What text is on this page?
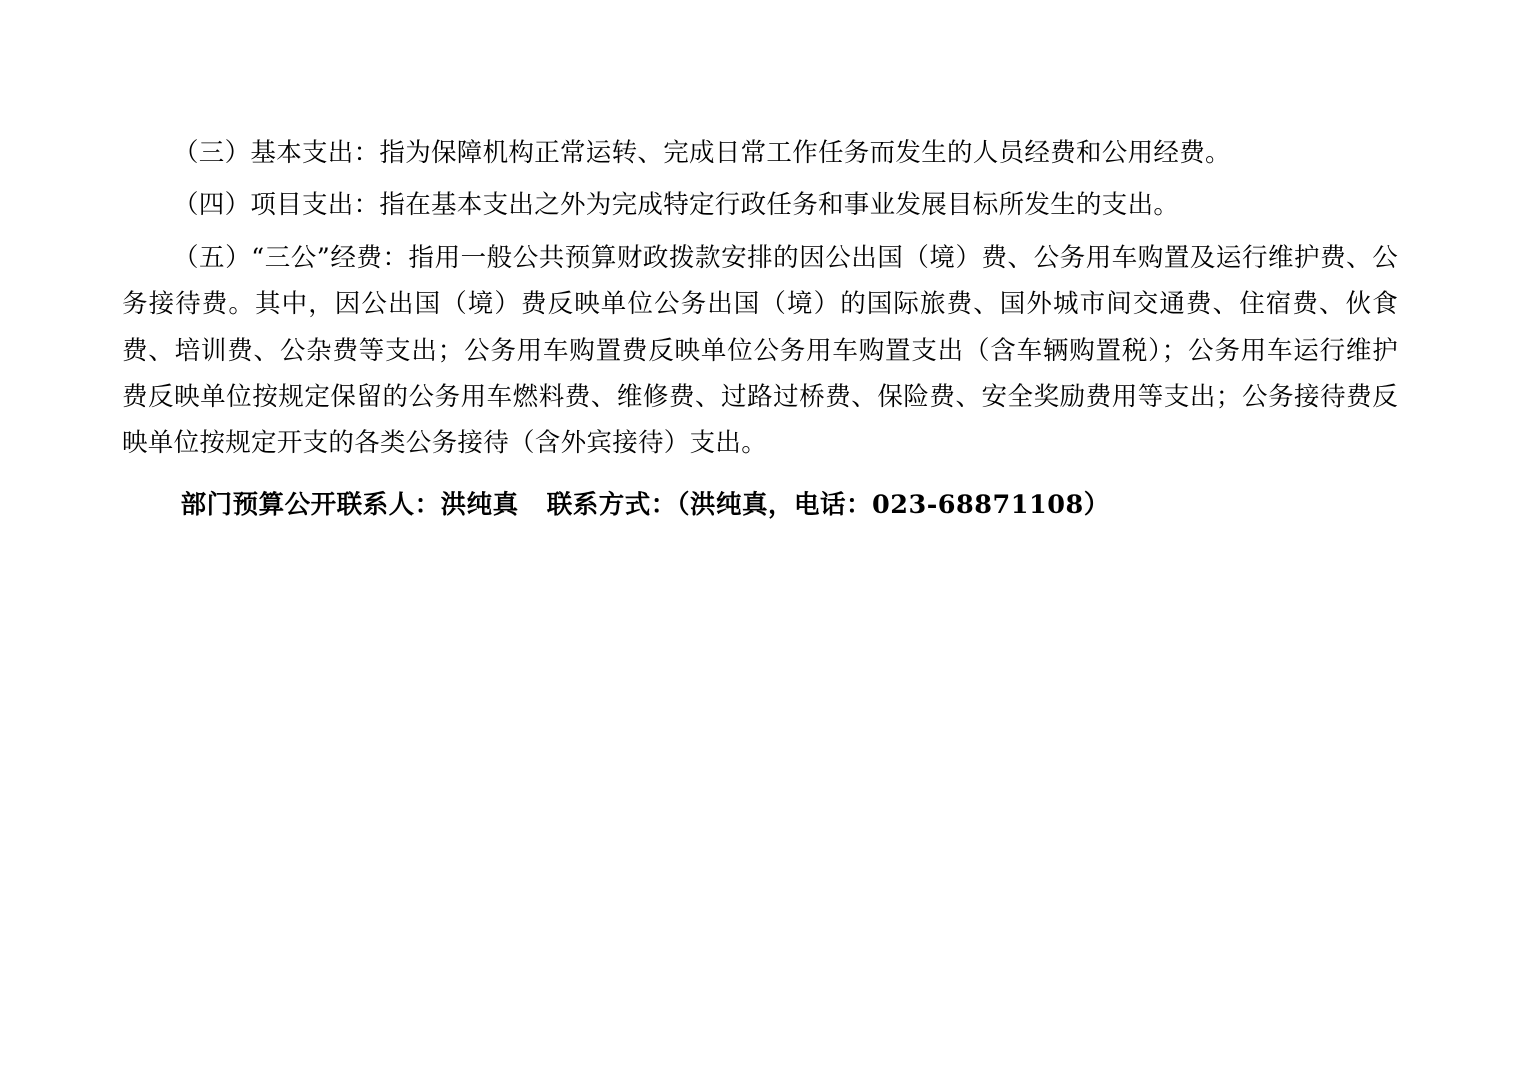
（三）基本支出：指为保障机构正常运转、完成日常工作任务而发生的人员经费和公用经费。

（四）项目支出：指在基本支出之外为完成特定行政任务和事业发展目标所发生的支出。

（五）“三公”经费：指用一般公共预算财政拨款安排的因公出国（境）费、公务用车购置及运行维护费、公务接待费。其中，因公出国（境）费反映单位公务出国（境）的国际旅费、国外城市间交通费、住宿费、伙食费、培训费、公杂费等支出；公务用车购置费反映单位公务用车购置支出（含车辆购置税）；公务用车运行维护费反映单位按规定保留的公务用车燃料费、维修费、过路过桥费、保险费、安全奖励费用等支出；公务接待费反映单位按规定开支的各类公务接待（含外宾接待）支出。

部门预算公开联系人：洪纯真 联系方式：（洪纯真，电话：023-68871108）
